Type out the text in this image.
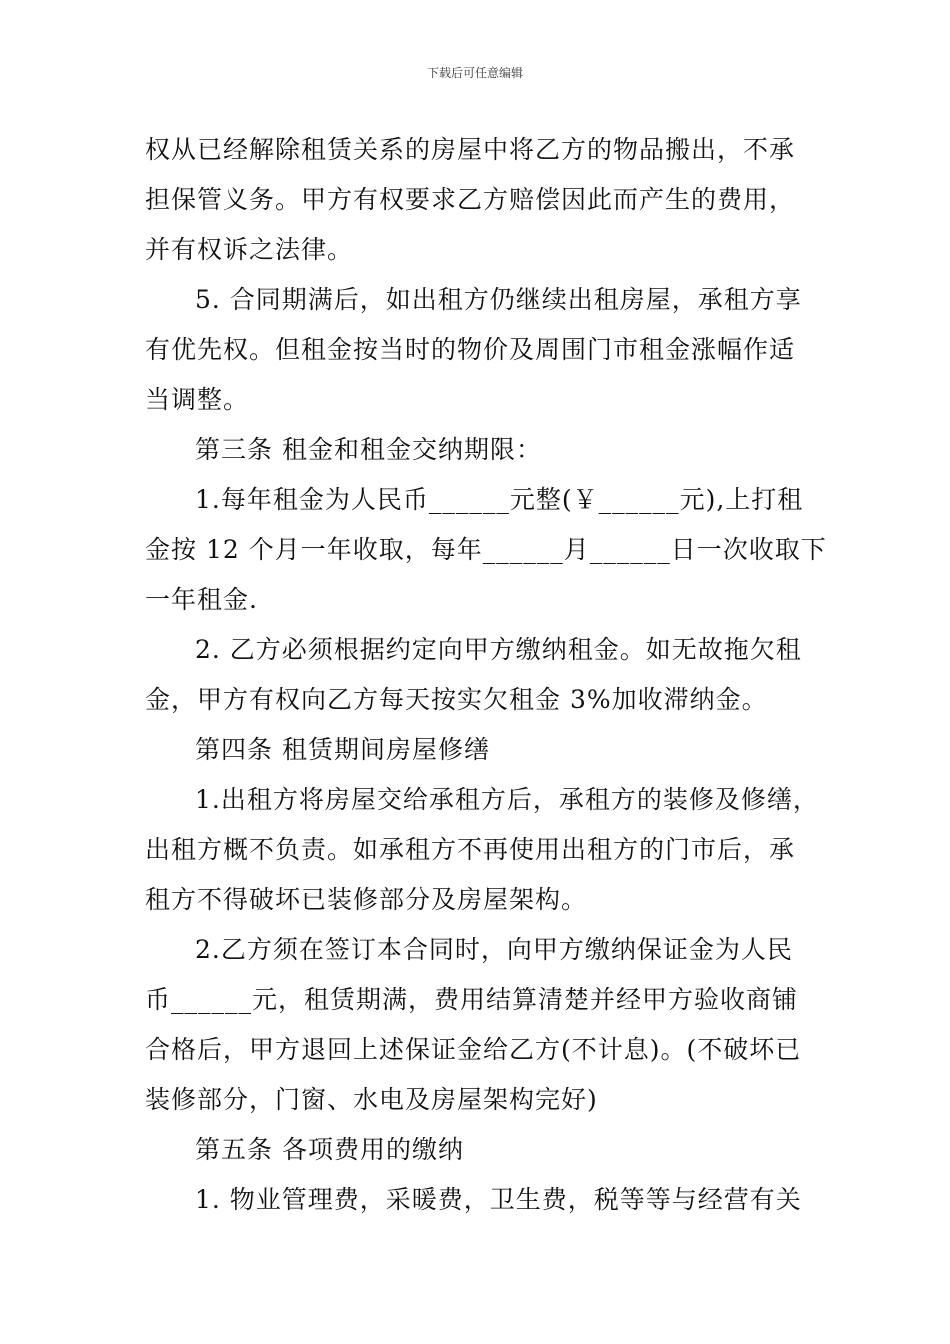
下载后可任意编辑

权从已经解除租赁关系的房屋中将乙方的物品搬出，不承
担保管义务。甲方有权要求乙方赔偿因此而产生的费用，
并有权诉之法律。

5. 合同期满后，如出租方仍继续出租房屋，承租方享
有优先权。但租金按当时的物价及周围门市租金涨幅作适
当调整。

第三条 租金和租金交纳期限：

1.每年租金为人民币______元整(￥______元),上打租
金按 12 个月一年收取，每年______月______日一次收取下
一年租金.

2. 乙方必须根据约定向甲方缴纳租金。如无故拖欠租
金，甲方有权向乙方每天按实欠租金 3%加收滞纳金。

第四条 租赁期间房屋修缮

1.出租方将房屋交给承租方后，承租方的装修及修缮，
出租方概不负责。如承租方不再使用出租方的门市后，承
租方不得破坏已装修部分及房屋架构。

2.乙方须在签订本合同时，向甲方缴纳保证金为人民
币______元，租赁期满，费用结算清楚并经甲方验收商铺
合格后，甲方退回上述保证金给乙方(不计息)。(不破坏已
装修部分，门窗、水电及房屋架构完好)

第五条 各项费用的缴纳

1. 物业管理费，采暖费，卫生费，税等等与经营有关
